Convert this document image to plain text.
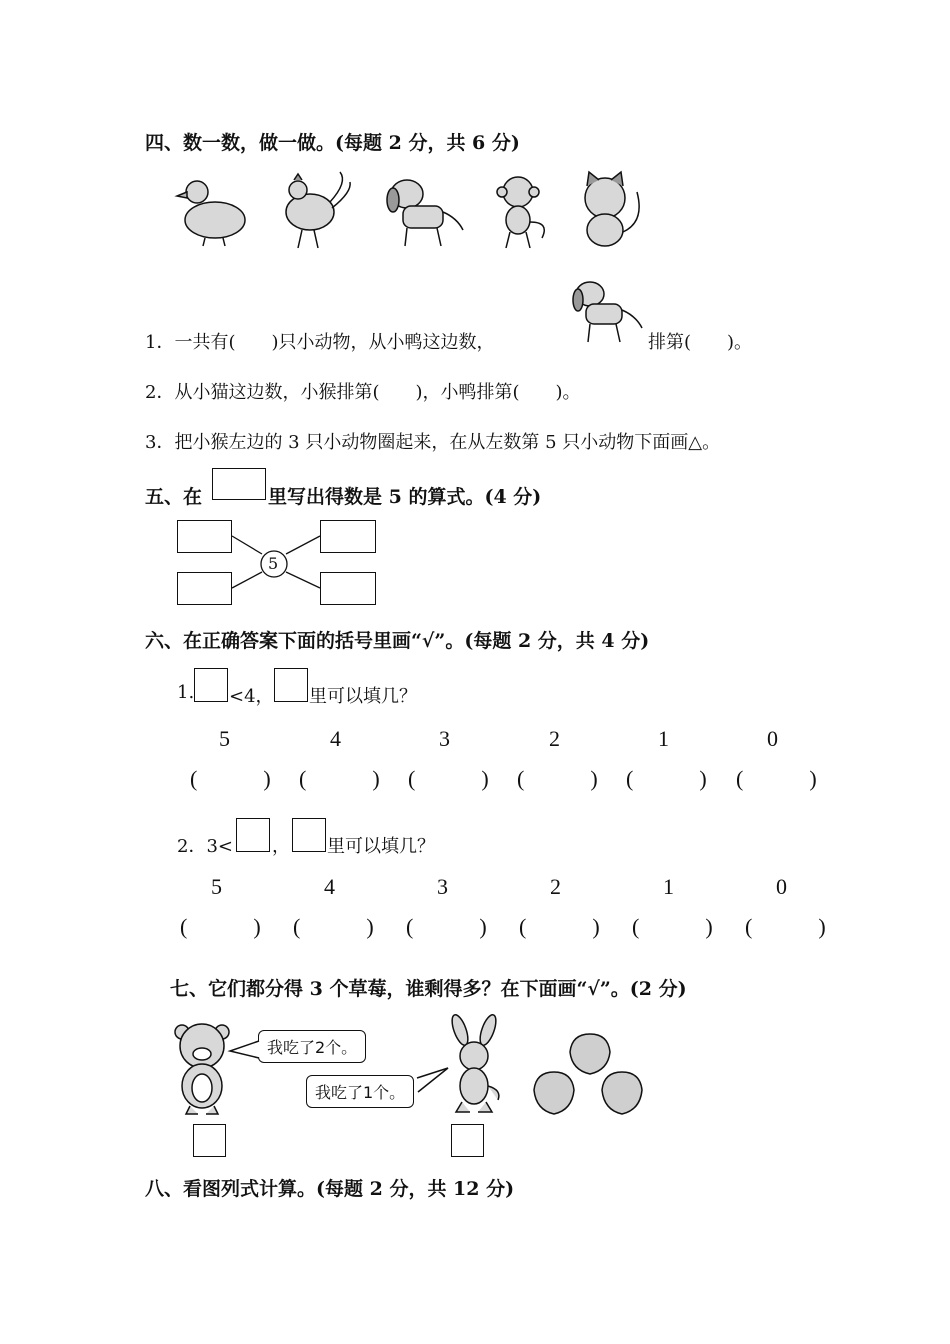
四、数一数，做一做。(每题 2 分，共 6 分)
1．一共有(　　)只小动物，从小鸭这边数，	排第(　　)。
2．从小猫这边数，小猴排第(　　)，小鸭排第(　　)。
3．把小猴左边的 3 只小动物圈起来，在从左数第 5 只小动物下面画△。
五、在	里写出得数是 5 的算式。(4 分)
5
六、在正确答案下面的括号里画“√”。(每题 2 分，共 4 分)
1. <4， 里可以填几？
5	4	3	2	1	0
(　　　) (　　　) (　　　) (　　　) (　　　) (　　　)
2．3< ， 里可以填几？
5	4	3	2	1	0
(　　　) (　　　) (　　　) (　　　) (　　　) (　　　)
七、它们都分得 3 个草莓，谁剩得多？在下面画“√”。(2 分)
我吃了2个。
我吃了1个。
八、看图列式计算。(每题 2 分，共 12 分)
